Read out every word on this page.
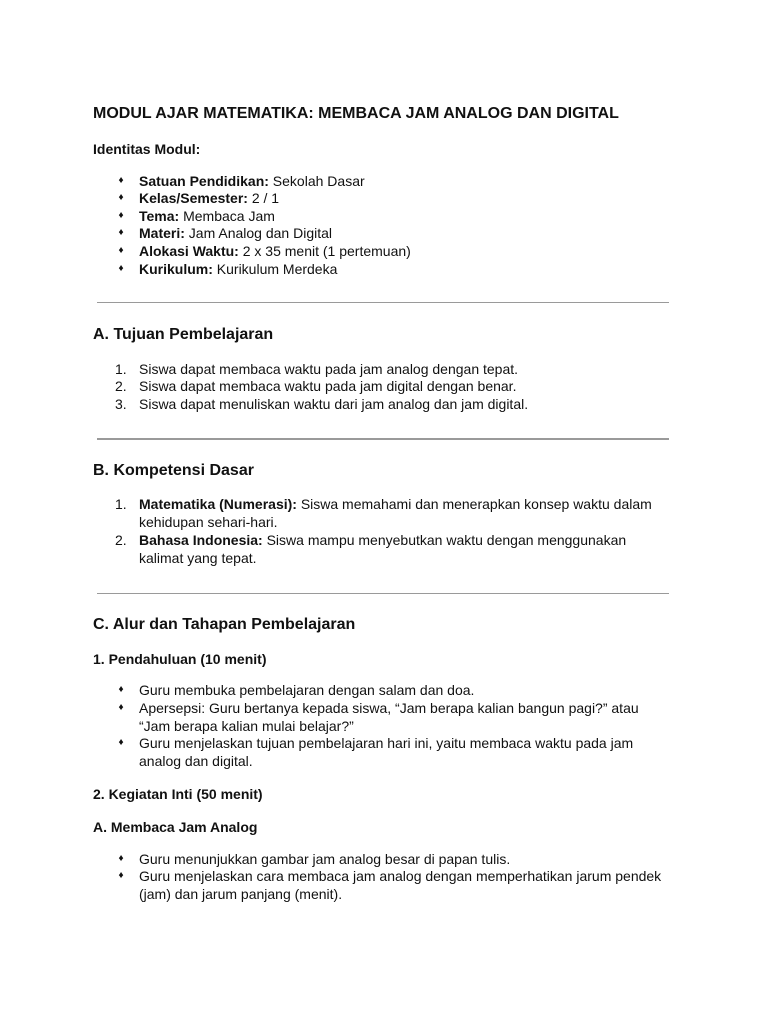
MODUL AJAR MATEMATIKA: MEMBACA JAM ANALOG DAN DIGITAL
Identitas Modul:
♦ Satuan Pendidikan: Sekolah Dasar
♦ Kelas/Semester: 2 / 1
♦ Tema: Membaca Jam
♦ Materi: Jam Analog dan Digital
♦ Alokasi Waktu: 2 x 35 menit (1 pertemuan)
♦ Kurikulum: Kurikulum Merdeka
A. Tujuan Pembelajaran
1. Siswa dapat membaca waktu pada jam analog dengan tepat.
2. Siswa dapat membaca waktu pada jam digital dengan benar.
3. Siswa dapat menuliskan waktu dari jam analog dan jam digital.
B. Kompetensi Dasar
1. Matematika (Numerasi): Siswa memahami dan menerapkan konsep waktu dalam
kehidupan sehari-hari.
2. Bahasa Indonesia: Siswa mampu menyebutkan waktu dengan menggunakan
kalimat yang tepat.
C. Alur dan Tahapan Pembelajaran
1. Pendahuluan (10 menit)
♦ Guru membuka pembelajaran dengan salam dan doa.
♦ Apersepsi: Guru bertanya kepada siswa, “Jam berapa kalian bangun pagi?” atau
“Jam berapa kalian mulai belajar?”
♦ Guru menjelaskan tujuan pembelajaran hari ini, yaitu membaca waktu pada jam
analog dan digital.
2. Kegiatan Inti (50 menit)
A. Membaca Jam Analog
♦ Guru menunjukkan gambar jam analog besar di papan tulis.
♦ Guru menjelaskan cara membaca jam analog dengan memperhatikan jarum pendek
(jam) dan jarum panjang (menit).
